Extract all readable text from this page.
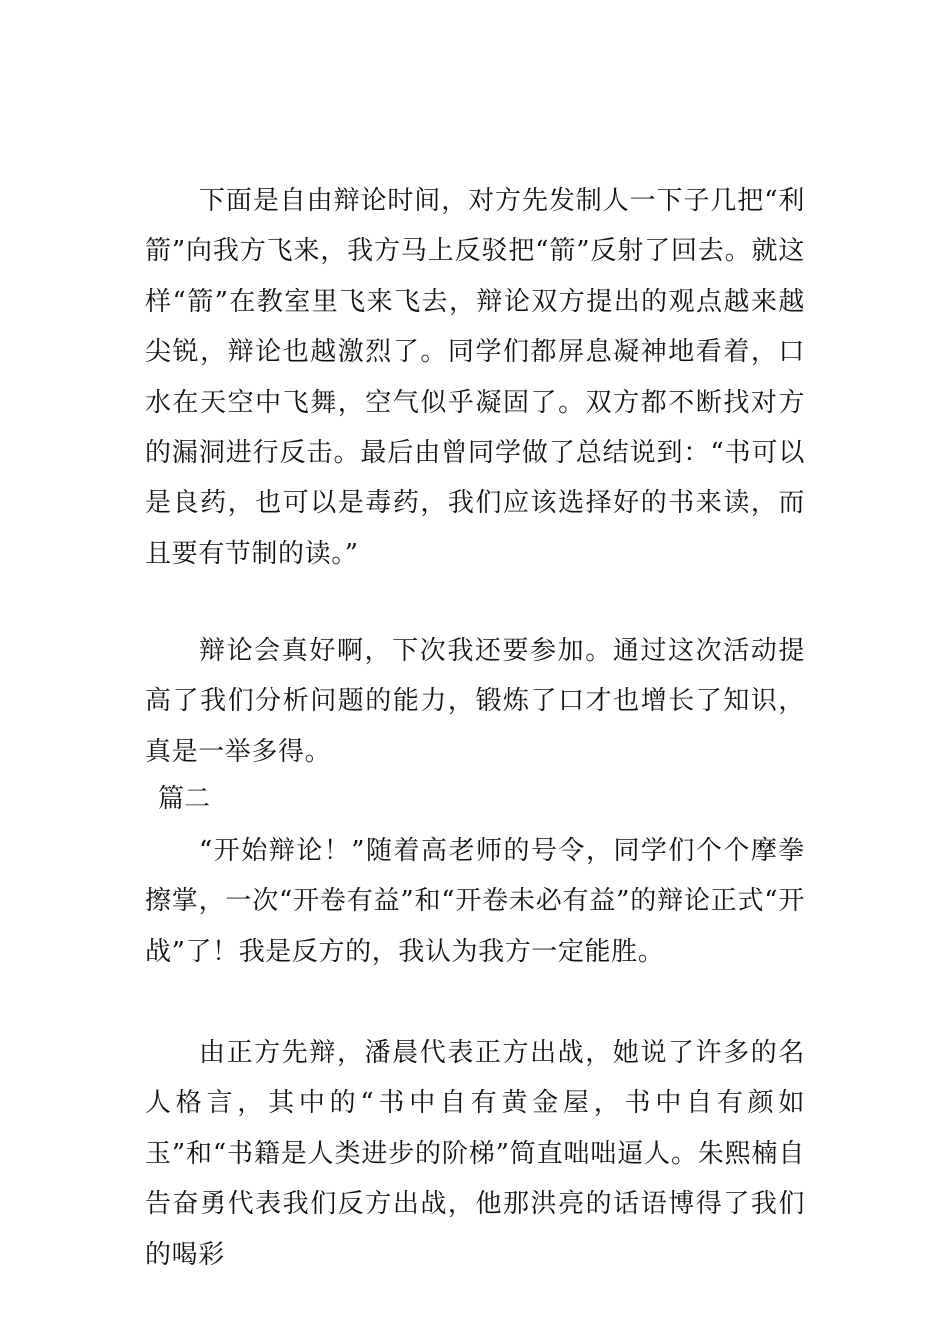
下面是自由辩论时间，对方先发制人一下子几把“利箭”向我方飞来，我方马上反驳把“箭”反射了回去。就这样“箭”在教室里飞来飞去，辩论双方提出的观点越来越尖锐，辩论也越激烈了。同学们都屏息凝神地看着，口水在天空中飞舞，空气似乎凝固了。双方都不断找对方的漏洞进行反击。最后由曾同学做了总结说到：“书可以是良药，也可以是毒药，我们应该选择好的书来读，而且要有节制的读。”

辩论会真好啊，下次我还要参加。通过这次活动提高了我们分析问题的能力，锻炼了口才也增长了知识，真是一举多得。

篇二

“开始辩论！”随着高老师的号令，同学们个个摩拳擦掌，一次“开卷有益”和“开卷未必有益”的辩论正式“开战”了！我是反方的，我认为我方一定能胜。

由正方先辩，潘晨代表正方出战，她说了许多的名人格言，其中的“书中自有黄金屋，书中自有颜如玉”和“书籍是人类进步的阶梯”简直咄咄逼人。朱熙楠自告奋勇代表我们反方出战，他那洪亮的话语博得了我们的喝彩
